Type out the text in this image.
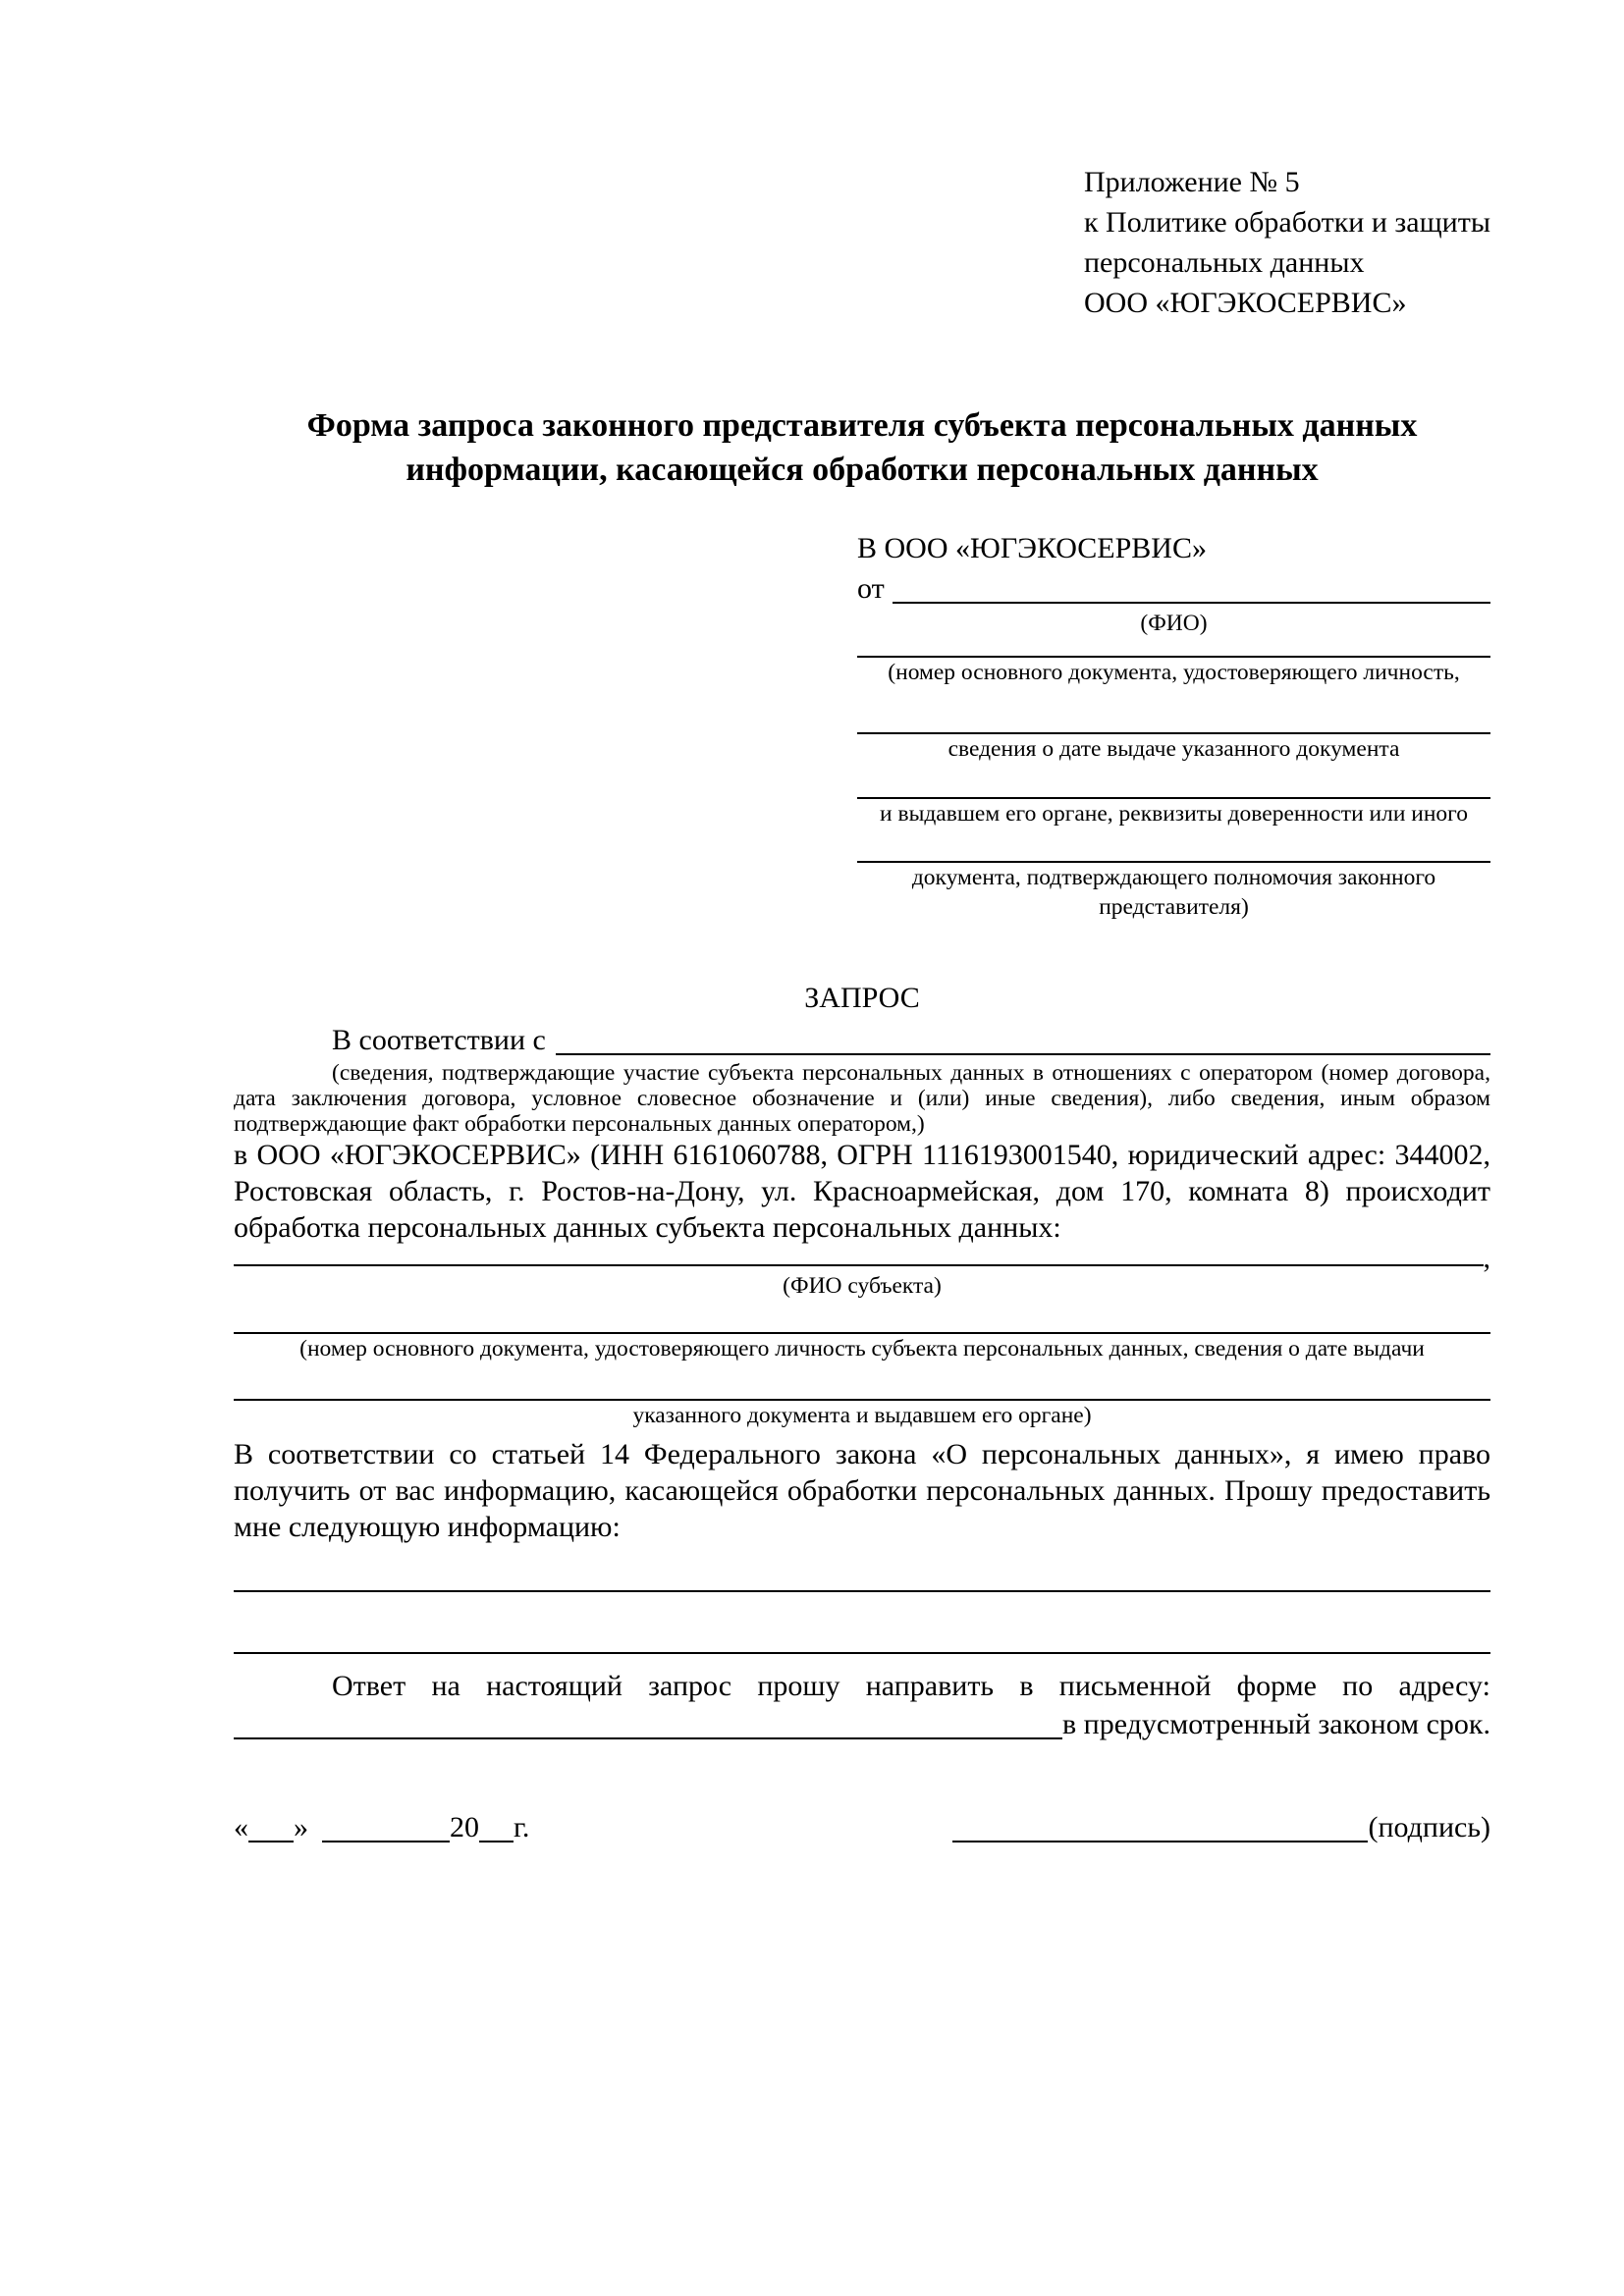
Приложение № 5
к Политике обработки и защиты
персональных данных
ООО «ЮГЭКОСЕРВИС»
Форма запроса законного представителя субъекта персональных данных информации, касающейся обработки персональных данных
В ООО «ЮГЭКОСЕРВИС»
от
(ФИО)
(номер основного документа, удостоверяющего личность,
сведения о дате выдаче указанного документа
и выдавшем его органе, реквизиты доверенности или иного
документа, подтверждающего полномочия законного представителя)
ЗАПРОС
В соответствии с
(сведения, подтверждающие участие субъекта персональных данных в отношениях с оператором (номер договора, дата заключения договора, условное словесное обозначение и (или) иные сведения), либо сведения, иным образом подтверждающие факт обработки персональных данных оператором,)
в ООО «ЮГЭКОСЕРВИС» (ИНН 6161060788, ОГРН 1116193001540, юридический адрес: 344002, Ростовская область, г. Ростов-на-Дону, ул. Красноармейская, дом 170, комната 8) происходит обработка персональных данных субъекта персональных данных:
,
(ФИО субъекта)
(номер основного документа, удостоверяющего личность субъекта персональных данных, сведения о дате выдачи
указанного документа и выдавшем его органе)
В соответствии со статьей 14 Федерального закона «О персональных данных», я имею право получить от вас информацию, касающейся обработки персональных данных. Прошу предоставить мне следующую информацию:
Ответ на настоящий запрос прошу направить в письменной форме по адресу:
в предусмотренный законом срок.
« »	20 г.	(подпись)
